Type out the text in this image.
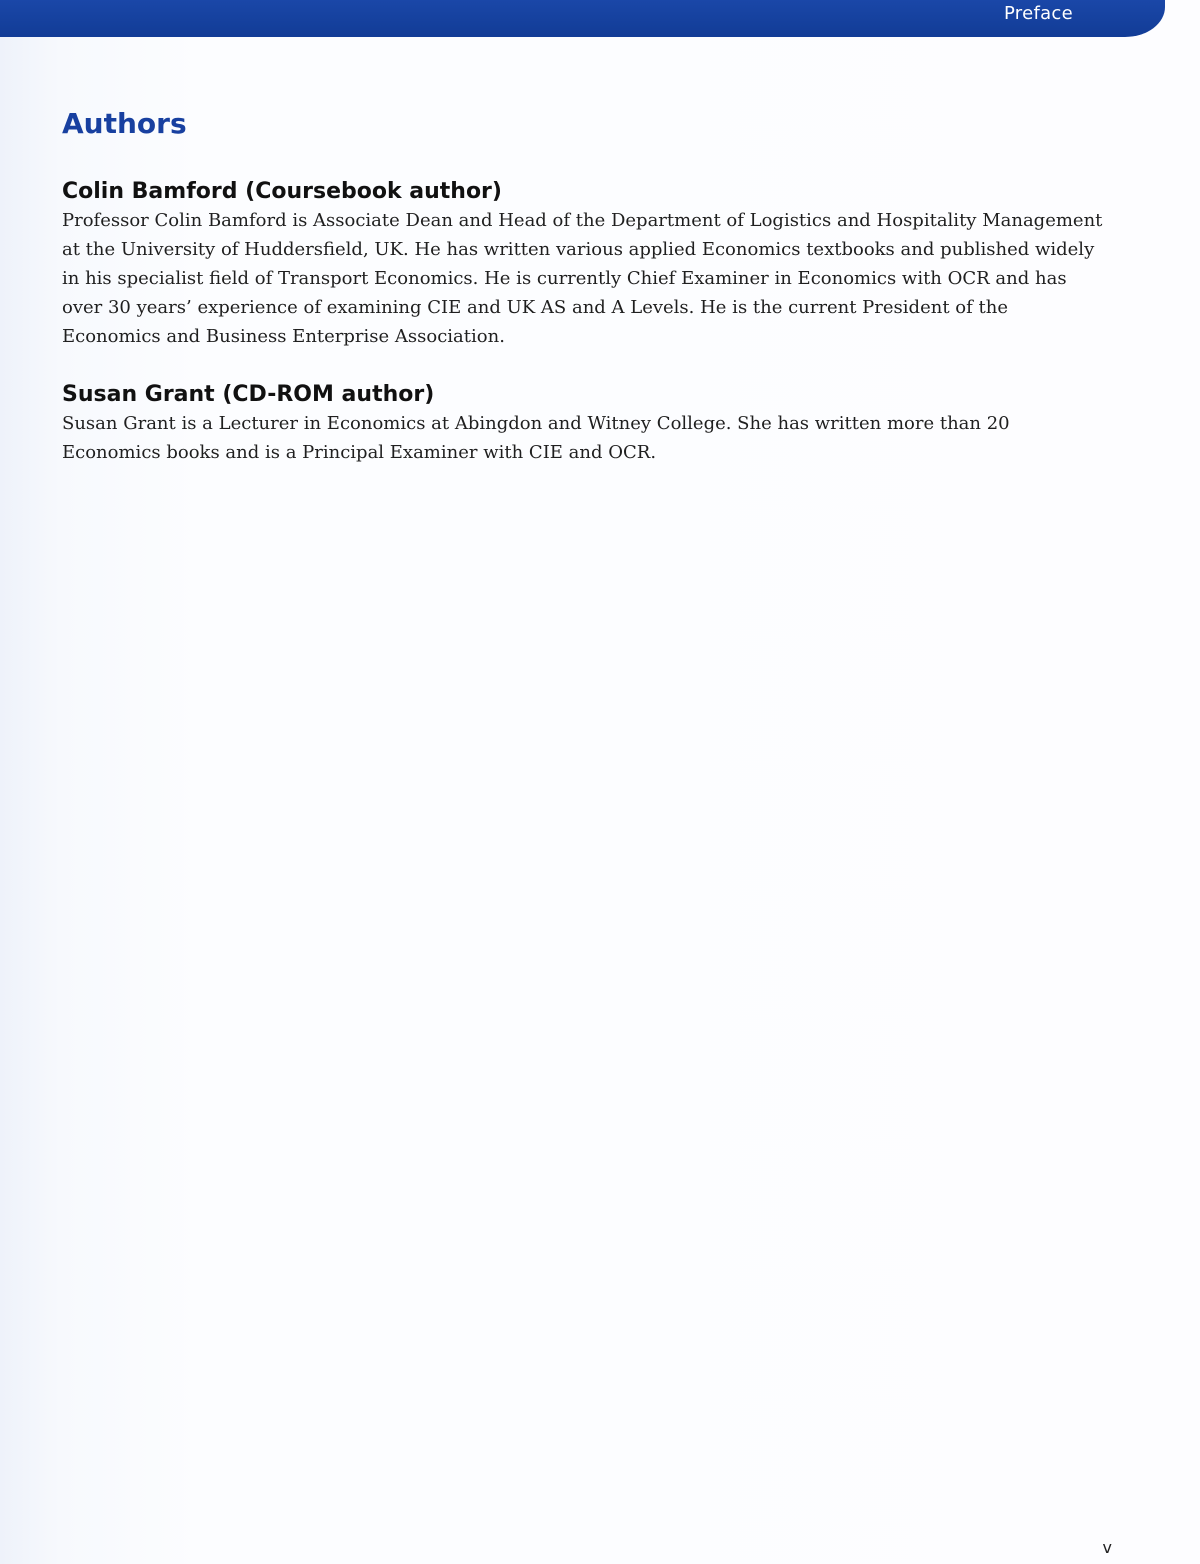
Preface
Authors
Colin Bamford (Coursebook author)

Professor Colin Bamford is Associate Dean and Head of the Department of Logistics and Hospitality Management at the University of Huddersfield, UK. He has written various applied Economics textbooks and published widely in his specialist field of Transport Economics. He is currently Chief Examiner in Economics with OCR and has over 30 years’ experience of examining CIE and UK AS and A Levels. He is the current President of the Economics and Business Enterprise Association.

Susan Grant (CD-ROM author)

Susan Grant is a Lecturer in Economics at Abingdon and Witney College. She has written more than 20 Economics books and is a Principal Examiner with CIE and OCR.

v
